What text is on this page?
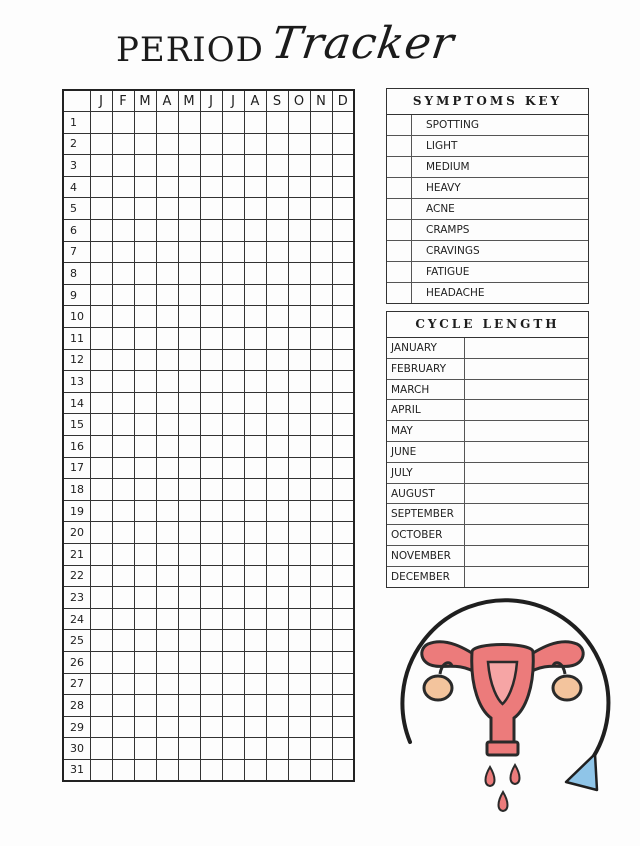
PERIOD Tracker
	J	F	M	A	M	J	J	A	S	O	N	D
1												
2												
3												
4												
5												
6												
7												
8												
9												
10												
11												
12												
13												
14												
15												
16												
17												
18												
19												
20												
21												
22												
23												
24												
25												
26												
27												
28												
29												
30												
31												
SYMPTOMS KEY
SPOTTING
LIGHT
MEDIUM
HEAVY
ACNE
CRAMPS
CRAVINGS
FATIGUE
HEADACHE
CYCLE LENGTH
JANUARY
FEBRUARY
MARCH
APRIL
MAY
JUNE
JULY
AUGUST
SEPTEMBER
OCTOBER
NOVEMBER
DECEMBER
